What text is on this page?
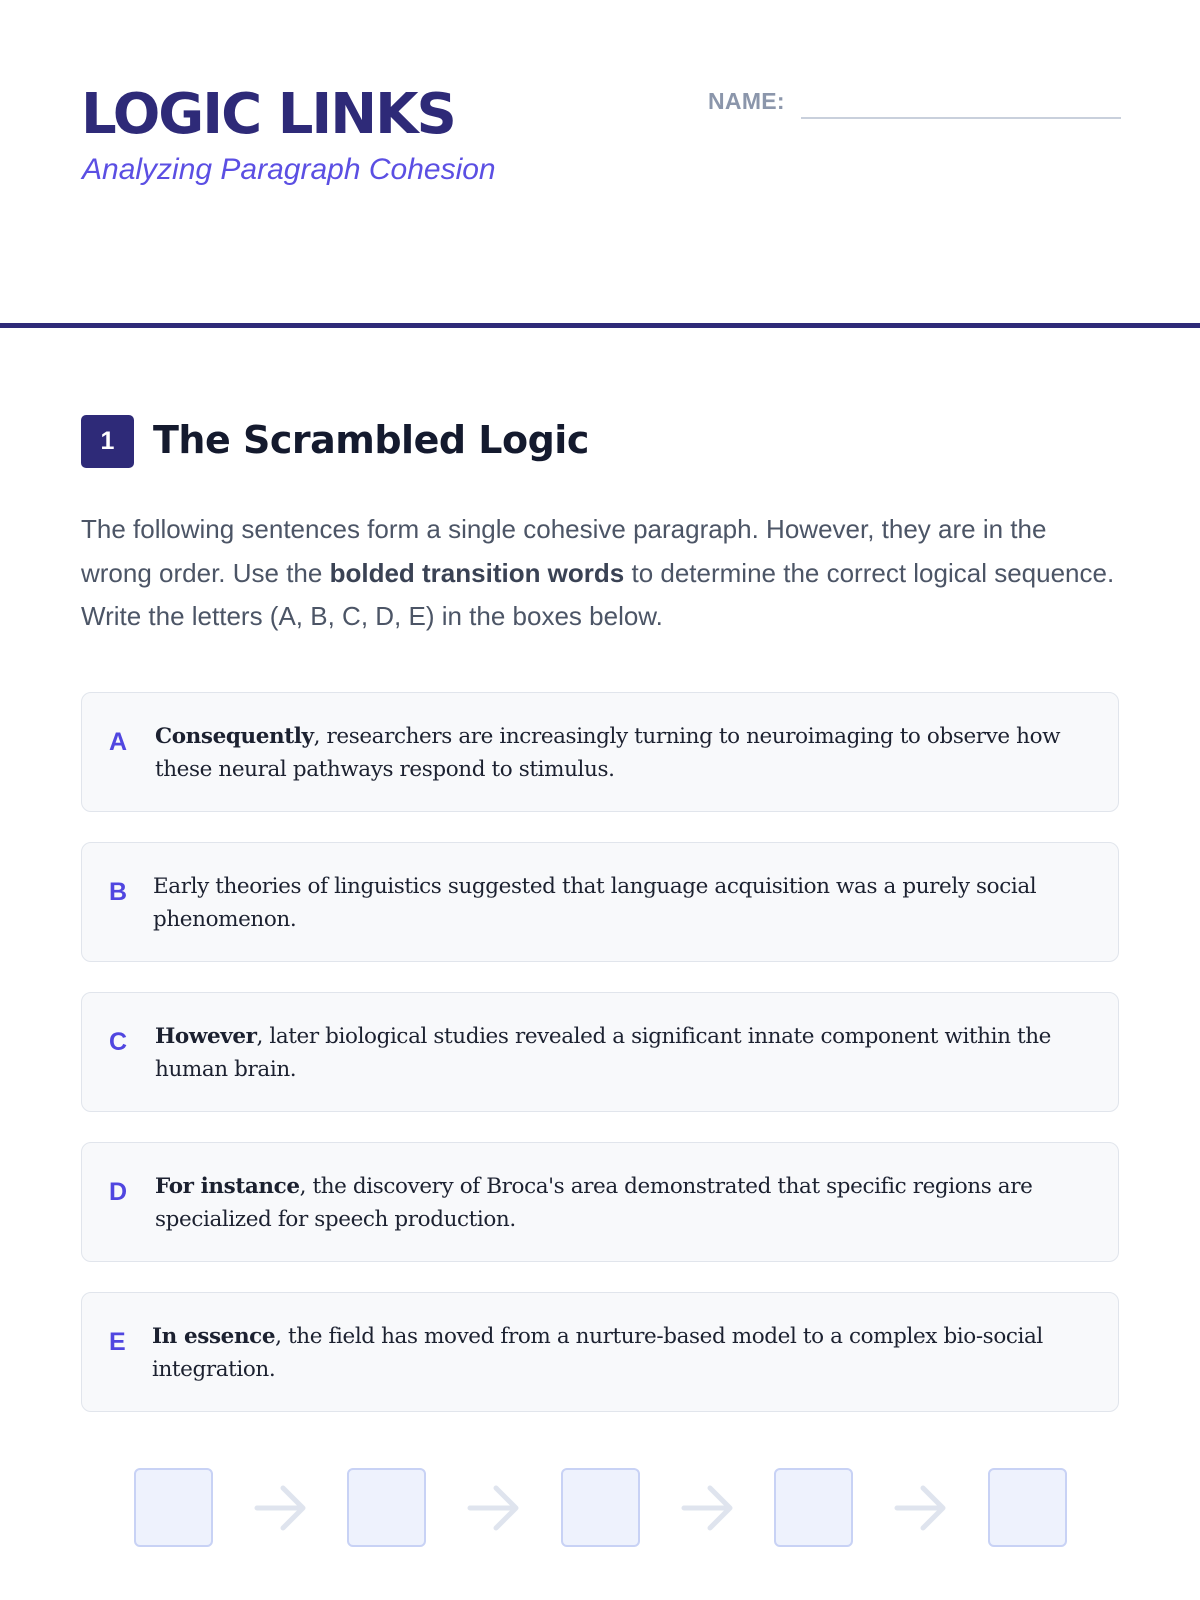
LOGIC LINKS
Analyzing Paragraph Cohesion
NAME:
1	The Scrambled Logic
The following sentences form a single cohesive paragraph. However, they are in the wrong order. Use the bolded transition words to determine the correct logical sequence. Write the letters (A, B, C, D, E) in the boxes below.
A Consequently, researchers are increasingly turning to neuroimaging to observe how these neural pathways respond to stimulus.
B Early theories of linguistics suggested that language acquisition was a purely social phenomenon.
C However, later biological studies revealed a significant innate component within the human brain.
D For instance, the discovery of Broca's area demonstrated that specific regions are specialized for speech production.
E In essence, the field has moved from a nurture-based model to a complex bio-social integration.
